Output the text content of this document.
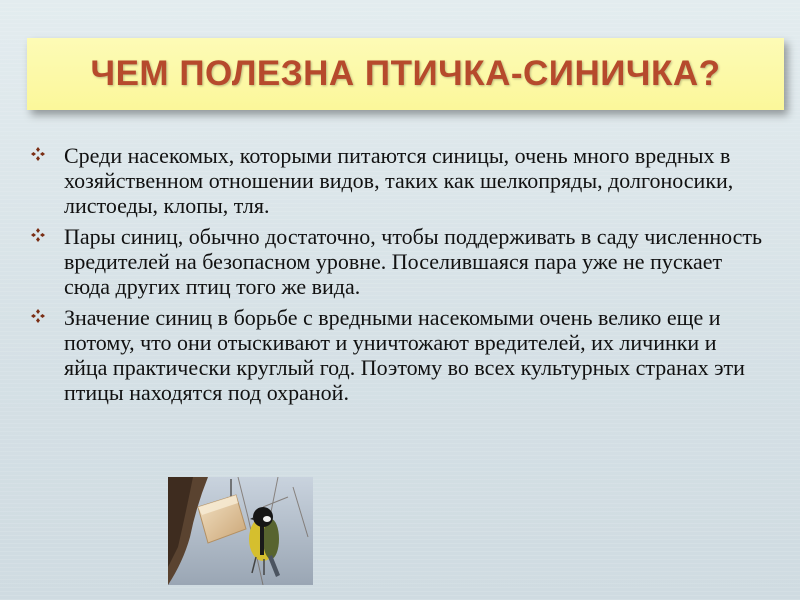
ЧЕМ ПОЛЕЗНА ПТИЧКА-СИНИЧКА?
Среди насекомых, которыми питаются синицы, очень много вредных в хозяйственном отношении видов, таких как шелкопряды, долгоносики, листоеды, клопы, тля.
Пары синиц, обычно достаточно, чтобы поддерживать в саду численность вредителей на безопасном уровне. Поселившаяся пара уже не пускает сюда других птиц того же вида.
Значение синиц в борьбе с вредными насекомыми очень велико еще и потому, что они отыскивают и уничтожают вредителей, их личинки и яйца практически круглый год. Поэтому во всех культурных странах эти птицы находятся под охраной.
